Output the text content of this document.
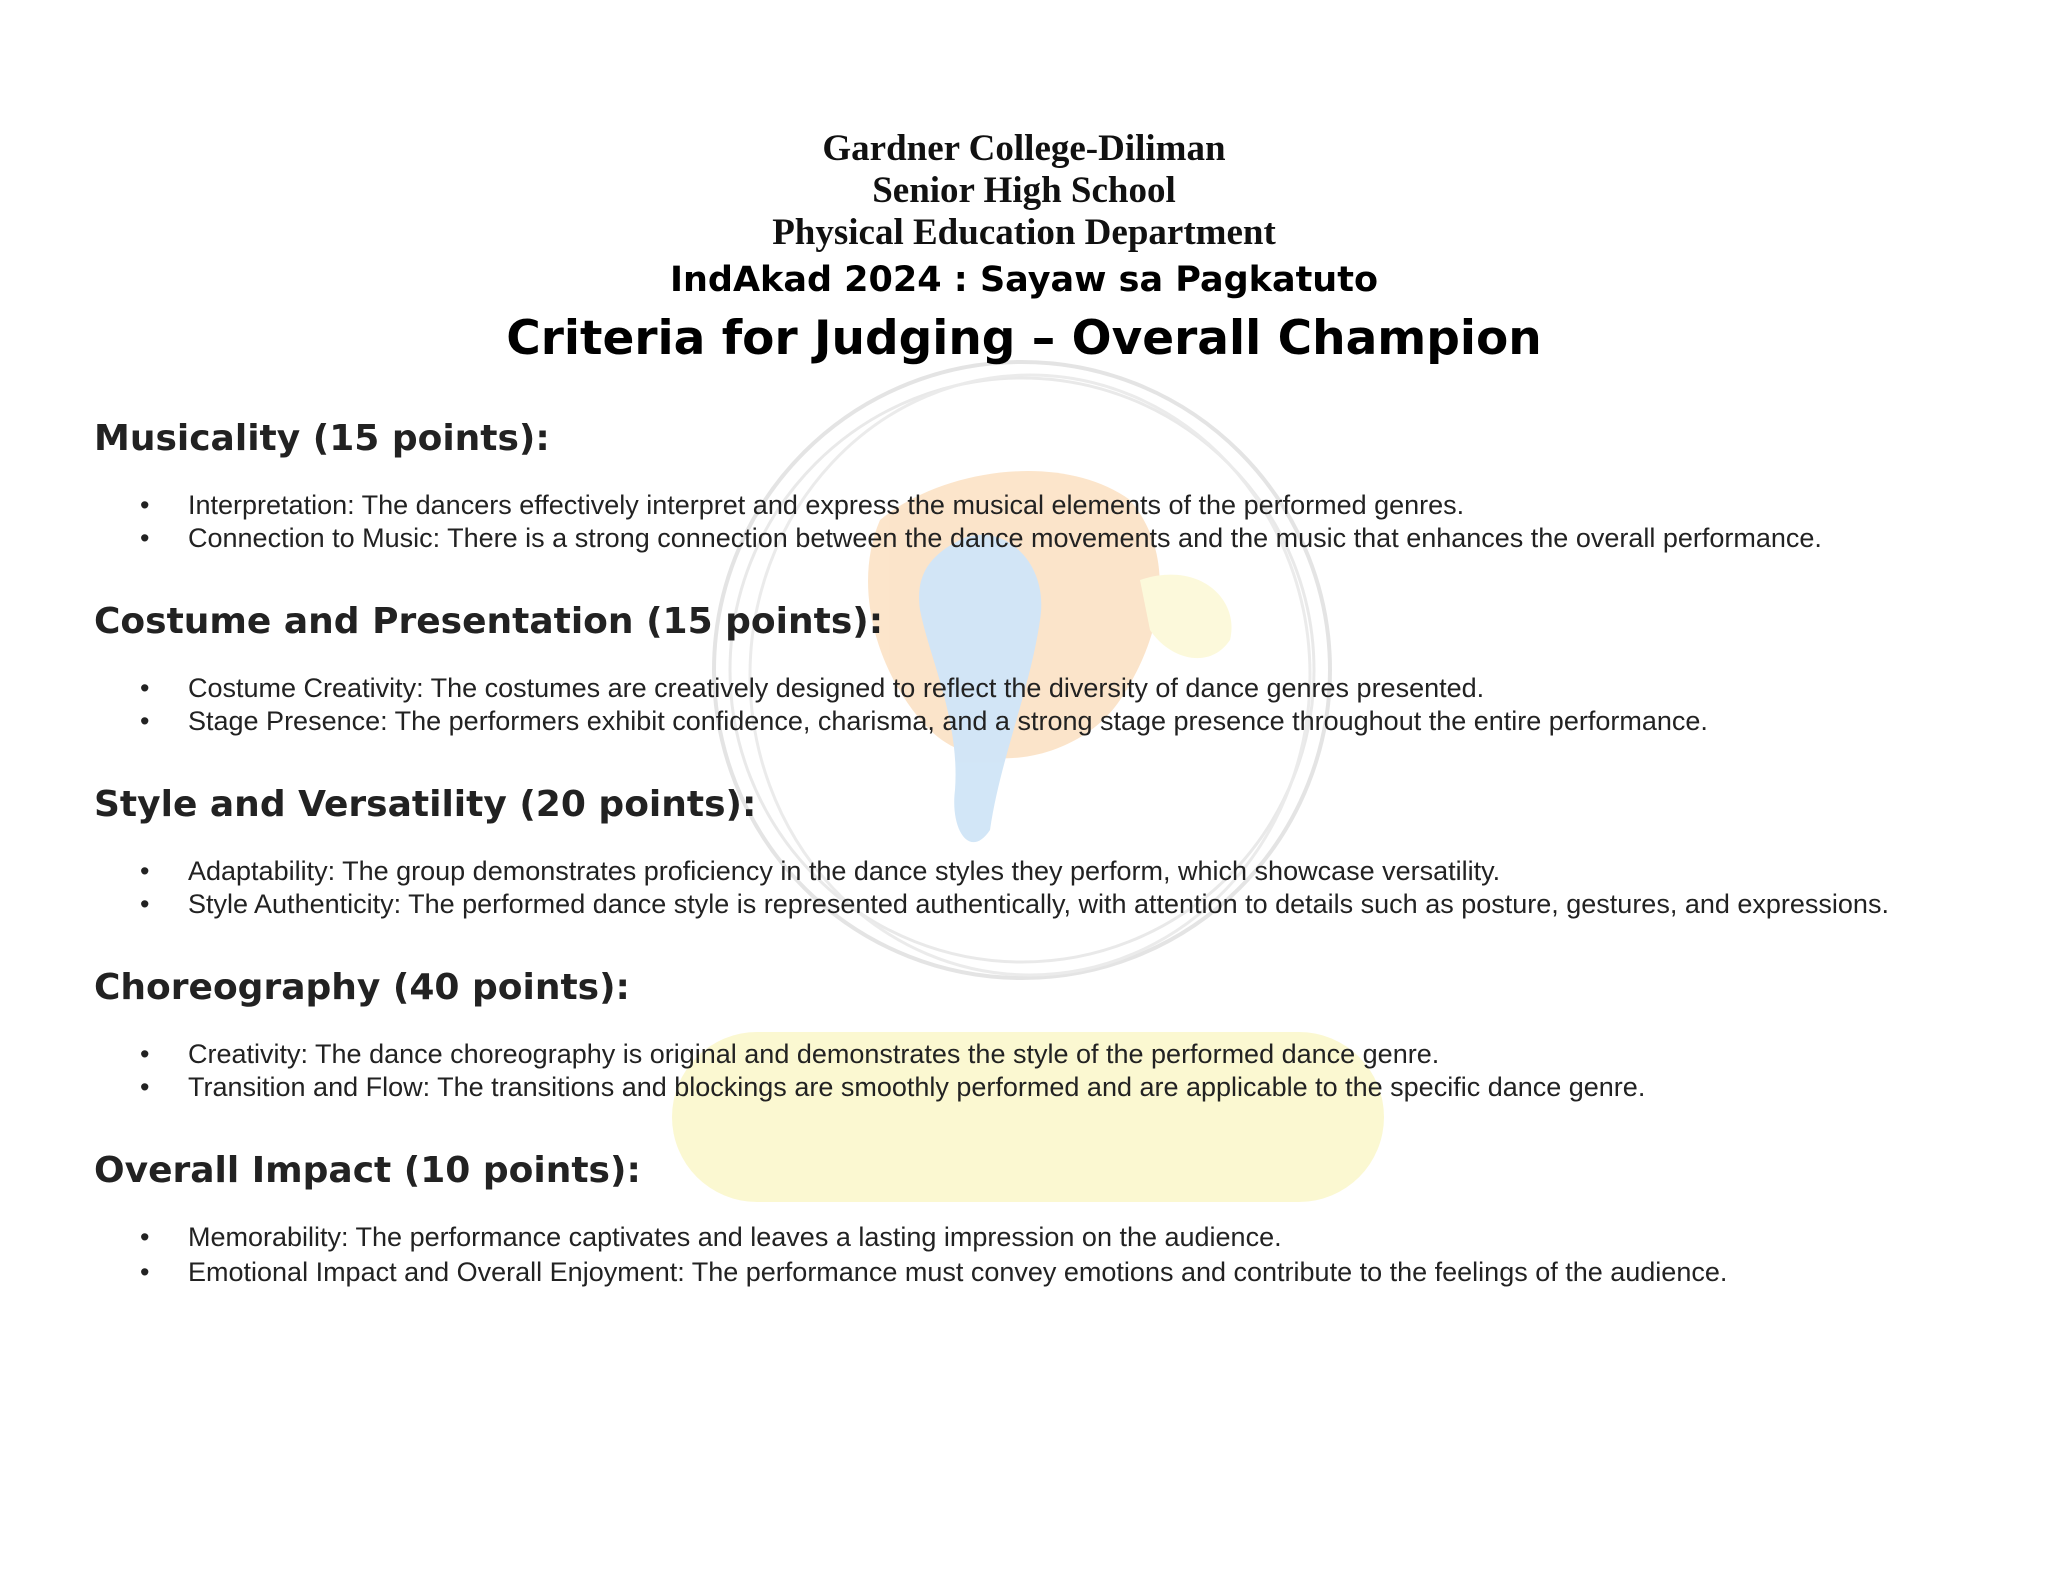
Gardner College-Diliman
Senior High School
Physical Education Department
IndAkad 2024 : Sayaw sa Pagkatuto
Criteria for Judging – Overall Champion
Musicality (15 points):
• Interpretation: The dancers effectively interpret and express the musical elements of the performed genres.
• Connection to Music: There is a strong connection between the dance movements and the music that enhances the overall performance.
Costume and Presentation (15 points):
• Costume Creativity: The costumes are creatively designed to reflect the diversity of dance genres presented.
• Stage Presence: The performers exhibit confidence, charisma, and a strong stage presence throughout the entire performance.
Style and Versatility (20 points):
• Adaptability: The group demonstrates proficiency in the dance styles they perform, which showcase versatility.
• Style Authenticity: The performed dance style is represented authentically, with attention to details such as posture, gestures, and expressions.
Choreography (40 points):
• Creativity: The dance choreography is original and demonstrates the style of the performed dance genre.
• Transition and Flow: The transitions and blockings are smoothly performed and are applicable to the specific dance genre.
Overall Impact (10 points):
• Memorability: The performance captivates and leaves a lasting impression on the audience.
• Emotional Impact and Overall Enjoyment: The performance must convey emotions and contribute to the feelings of the audience.
